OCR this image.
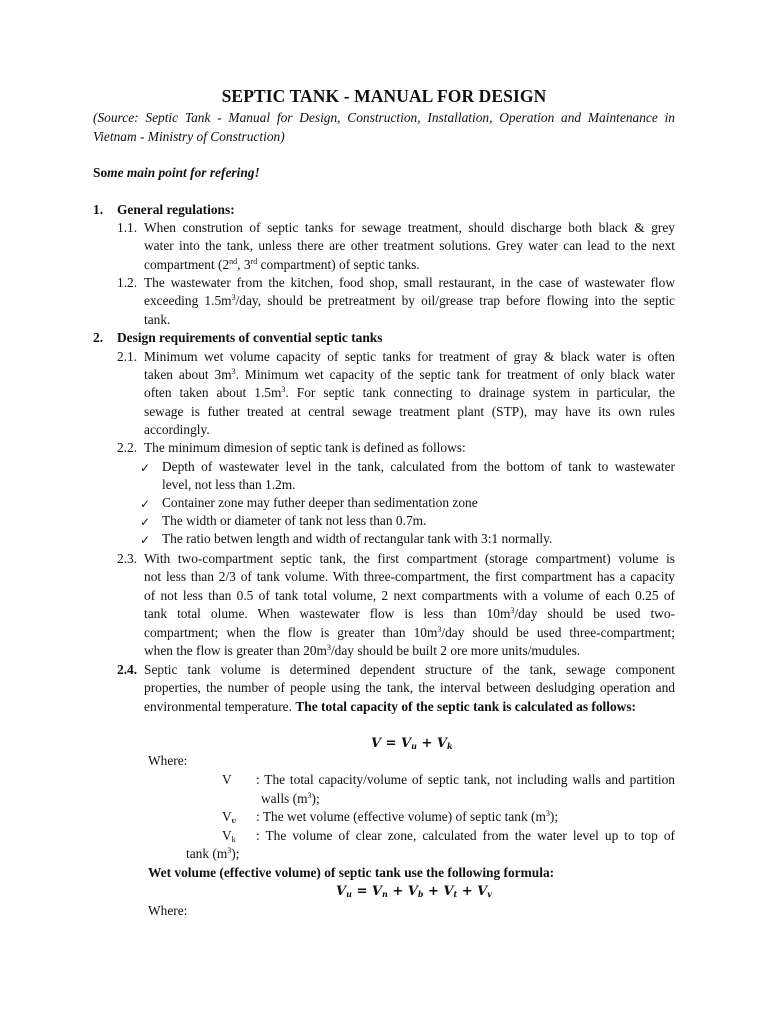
SEPTIC TANK - MANUAL FOR DESIGN
(Source: Septic Tank - Manual for Design, Construction, Installation, Operation and Maintenance in
Vietnam - Ministry of Construction)
Some main point for refering!
1. General regulations:
1.1. When constrution of septic tanks for sewage treatment, should discharge both black & grey
water into the tank, unless there are other treatment solutions. Grey water can lead to the next
compartment (2nd, 3rd compartment) of septic tanks.
1.2. The wastewater from the kitchen, food shop, small restaurant, in the case of wastewater flow
exceeding $1.5m^3$/day, should be pretreatment by oil/grease trap before flowing into the septic
tank.
2. Design requirements of convential septic tanks
2.1. Minimum wet volume capacity of septic tanks for treatment of gray & black water is often
taken about $3m^3$. Minimum wet capacity of the septic tank for treatment of only black water
often taken about $1.5m^3$. For septic tank connecting to drainage system in particular, the
sewage is futher treated at central sewage treatment plant (STP), may have its own rules
accordingly.
2.2. The minimum dimesion of septic tank is defined as follows:
✓ Depth of wastewater level in the tank, calculated from the bottom of tank to wastewater
level, not less than 1.2m.
✓ Container zone may futher deeper than sedimentation zone
✓ The width or diameter of tank not less than 0.7m.
✓ The ratio betwen length and width of rectangular tank with 3:1 normally.
2.3. With two-compartment septic tank, the first compartment (storage compartment) volume is
not less than 2/3 of tank volume. With three-compartment, the first compartment has a capacity
of not less than 0.5 of tank total volume, 2 next compartments with a volume of each 0.25 of
tank total olume. When wastewater flow is less than $10m^3$/day should be used two-
compartment; when the flow is greater than $10m^3$/day should be used three-compartment;
when the flow is greater than $20m^3$/day should be built 2 ore more units/mudules.
2.4. Septic tank volume is determined dependent structure of the tank, sewage component
properties, the number of people using the tank, the interval between desludging operation and
environmental temperature. The total capacity of the septic tank is calculated as follows:
$V = V_u + V_k$
Where:
V : The total capacity/volume of septic tank, not including walls and partition
walls $(m^3)$;
$V_ᴜ$ : The wet volume (effective volume) of septic tank $(m^3)$;
$V_k$ : The volume of clear zone, calculated from the water level up to top of
tank $(m^3)$;
Wet volume (effective volume) of septic tank use the following formula:
$V_u = V_n + V_b + V_t + V_v$
Where:
